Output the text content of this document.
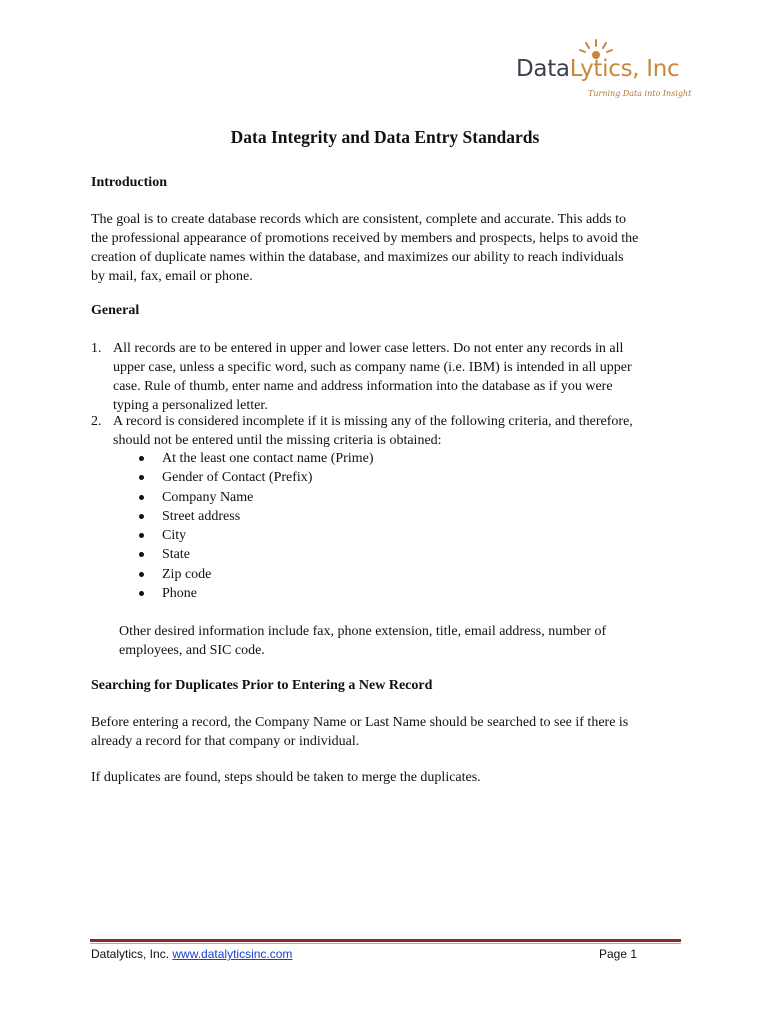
DataLytics, Inc
Turning Data into Insight
Data Integrity and Data Entry Standards
Introduction
The goal is to create database records which are consistent, complete and accurate. This adds to
the professional appearance of promotions received by members and prospects, helps to avoid the
creation of duplicate names within the database, and maximizes our ability to reach individuals
by mail, fax, email or phone.
General
1. All records are to be entered in upper and lower case letters. Do not enter any records in all
upper case, unless a specific word, such as company name (i.e. IBM) is intended in all upper
case. Rule of thumb, enter name and address information into the database as if you were
typing a personalized letter.
2. A record is considered incomplete if it is missing any of the following criteria, and therefore,
should not be entered until the missing criteria is obtained:
At the least one contact name (Prime)
Gender of Contact (Prefix)
Company Name
Street address
City
State
Zip code
Phone
Other desired information include fax, phone extension, title, email address, number of
employees, and SIC code.
Searching for Duplicates Prior to Entering a New Record
Before entering a record, the Company Name or Last Name should be searched to see if there is
already a record for that company or individual.
If duplicates are found, steps should be taken to merge the duplicates.
Datalytics, Inc. www.datalyticsinc.com	Page 1
